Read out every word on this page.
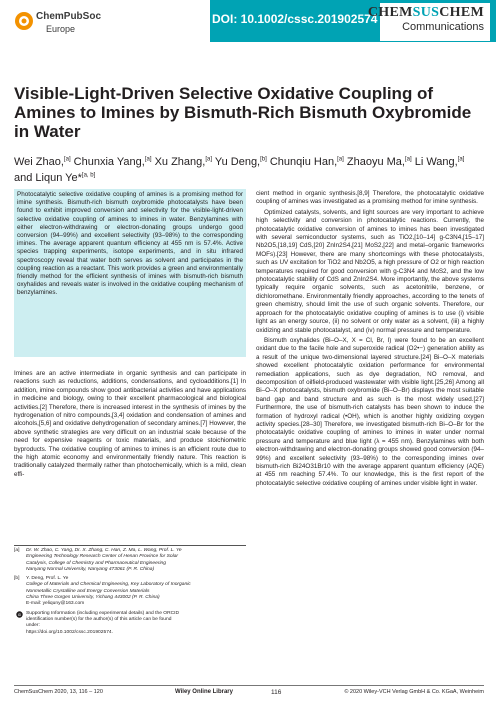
ChemPubSoc
Europe
DOI: 10.1002/cssc.201902574
CHEMSUSCHEM
Communications
Visible-Light-Driven Selective Oxidative Coupling of Amines to Imines by Bismuth-Rich Bismuth Oxybromide in Water
Wei Zhao,[a] Chunxia Yang,[a] Xu Zhang,[a] Yu Deng,[b] Chunqiu Han,[a] Zhaoyu Ma,[a] Li Wang,[a] and Liqun Ye*[a, b]

Photocatalytic selective oxidative coupling of amines is a promising method for imine synthesis. Bismuth-rich bismuth oxybromide photocatalysts have been found to exhibit improved conversion and selectivity for the visible-light-driven selective oxidative coupling of amines to imines in water. Benzylamines with either electron-withdrawing or electron-donating groups undergo good conversion (94–99%) and excellent selectivity (93–98%) to the corresponding imines. The average apparent quantum efficiency at 455 nm is 57.4%. Active species trapping experiments, isotope experiments, and in situ infrared spectroscopy reveal that water both serves as solvent and participates in the coupling reaction as a reactant. This work provides a green and environmentally friendly method for the efficient synthesis of imines with bismuth-rich bismuth oxyhalides and reveals water is involved in the oxidative coupling mechanism of benzylamines.

Imines are an active intermediate in organic synthesis and can participate in reactions such as reductions, additions, condensations, and cycloadditions.[1] In addition, imine compounds show good antibacterial activities and have applications in medicine and biology, owing to their excellent pharmacological and biological activities.[2] Therefore, there is increased interest in the synthesis of imines by the hydrogenation of nitro compounds,[3,4] oxidation and condensation of amines and alcohols,[5,6] and oxidative dehydrogenation of secondary amines.[7] However, the above synthetic strategies are very difficult on an industrial scale because of the need for expensive reagents or toxic materials, and produce stoichiometric byproducts. The oxidative coupling of amines to imines is an efficient route due to the high atomic economy and environmentally friendly nature. This reaction is traditionally catalyzed thermally rather than photochemically, which is a mild, clean effi-

cient method in organic synthesis.[8,9] Therefore, the photocatalytic oxidative coupling of amines was investigated as a promising method for imine synthesis.

Optimized catalysts, solvents, and light sources are very important to achieve high selectivity and conversion in photocatalytic reactions. Currently, the photocatalytic oxidative conversion of amines to imines has been investigated with several semiconductor systems, such as TiO2,[10–14] g-C3N4,[15–17] Nb2O5,[18,19] CdS,[20] ZnIn2S4,[21] MoS2,[22] and metal–organic frameworks MOFs).[23] However, there are many shortcomings with these photocatalysts, such as UV excitation for TiO2 and Nb2O5, a high pressure of O2 or high reaction temperatures required for good conversion with g-C3N4 and MoS2, and the low photocatalytic stability of CdS and ZnIn2S4. More importantly, the above systems typically require organic solvents, such as acetonitrile, benzene, or dichloromethane. Environmentally friendly approaches, according to the tenets of green chemistry, should limit the use of such organic solvents. Therefore, our approach for the photocatalytic oxidative coupling of amines is to use (i) visible light as an energy source, (ii) no solvent or only water as a solvent, (iii) a highly oxidizing and stable photocatalyst, and (iv) normal pressure and temperature.

Bismuth oxyhalides (Bi–O–X, X = Cl, Br, I) were found to be an excellent oxidant due to the facile hole and superoxide radical (O2•−) generation ability as a result of the unique two-dimensional layered structure.[24] Bi–O–X materials showed excellent photocatalytic oxidation performance for environmental remediation applications, such as dye degradation, NO removal, and decomposition of oilfield-produced wastewater with visible light.[25,26] Among all Bi–O–X photocatalysts, bismuth oxybromide (Bi–O–Br) displays the most suitable band gap and band structure and as such is the most widely used.[27] Furthermore, the use of bismuth-rich catalysts has been shown to induce the formation of hydroxyl radical (•OH), which is another highly oxidizing oxygen activity species.[28–30] Therefore, we investigated bismuth-rich Bi–O–Br for the photocatalytic oxidative coupling of amines to imines in water under normal pressure and temperature and blue light (λ = 455 nm). Benzylamines with both electron-withdrawing and electron-donating groups showed good conversion (94–99%) and excellent selectivity (93–98%) to the corresponding imines over bismuth-rich Bi24O31Br10 with the average apparent quantum efficiency (AQE) at 455 nm reaching 57.4%. To our knowledge, this is the first report of the photocatalytic selective oxidative coupling of amines under visible light in water.

[a] Dr. W. Zhao, C. Yang, Dr. X. Zhang, C. Han, Z. Ma, L. Wang, Prof. L. Ye
Engineering Technology Research Center of Henan Province for Solar
Catalysis, College of Chemistry and Pharmaceutical Engineering
Nanyang Normal University, Nanyang 473061 (P. R. China)
[b] Y. Deng, Prof. L. Ye
College of Materials and Chemical Engineering, Key Laboratory of Inorganic
Nonmetallic Crystalline and Energy Conversion Materials
China Three Gorges University, Yichang 443002 (P. R. China)
E-mail: yeliquny@163.com
iD Supporting Information (including experimental details) and the ORCID
identification number(s) for the author(s) of this article can be found
under:
https://doi.org/10.1002/cssc.201902574.
ChemSusChem 2020, 13, 116 – 120	Wiley Online Library	116	© 2020 Wiley-VCH Verlag GmbH & Co. KGaA, Weinheim
